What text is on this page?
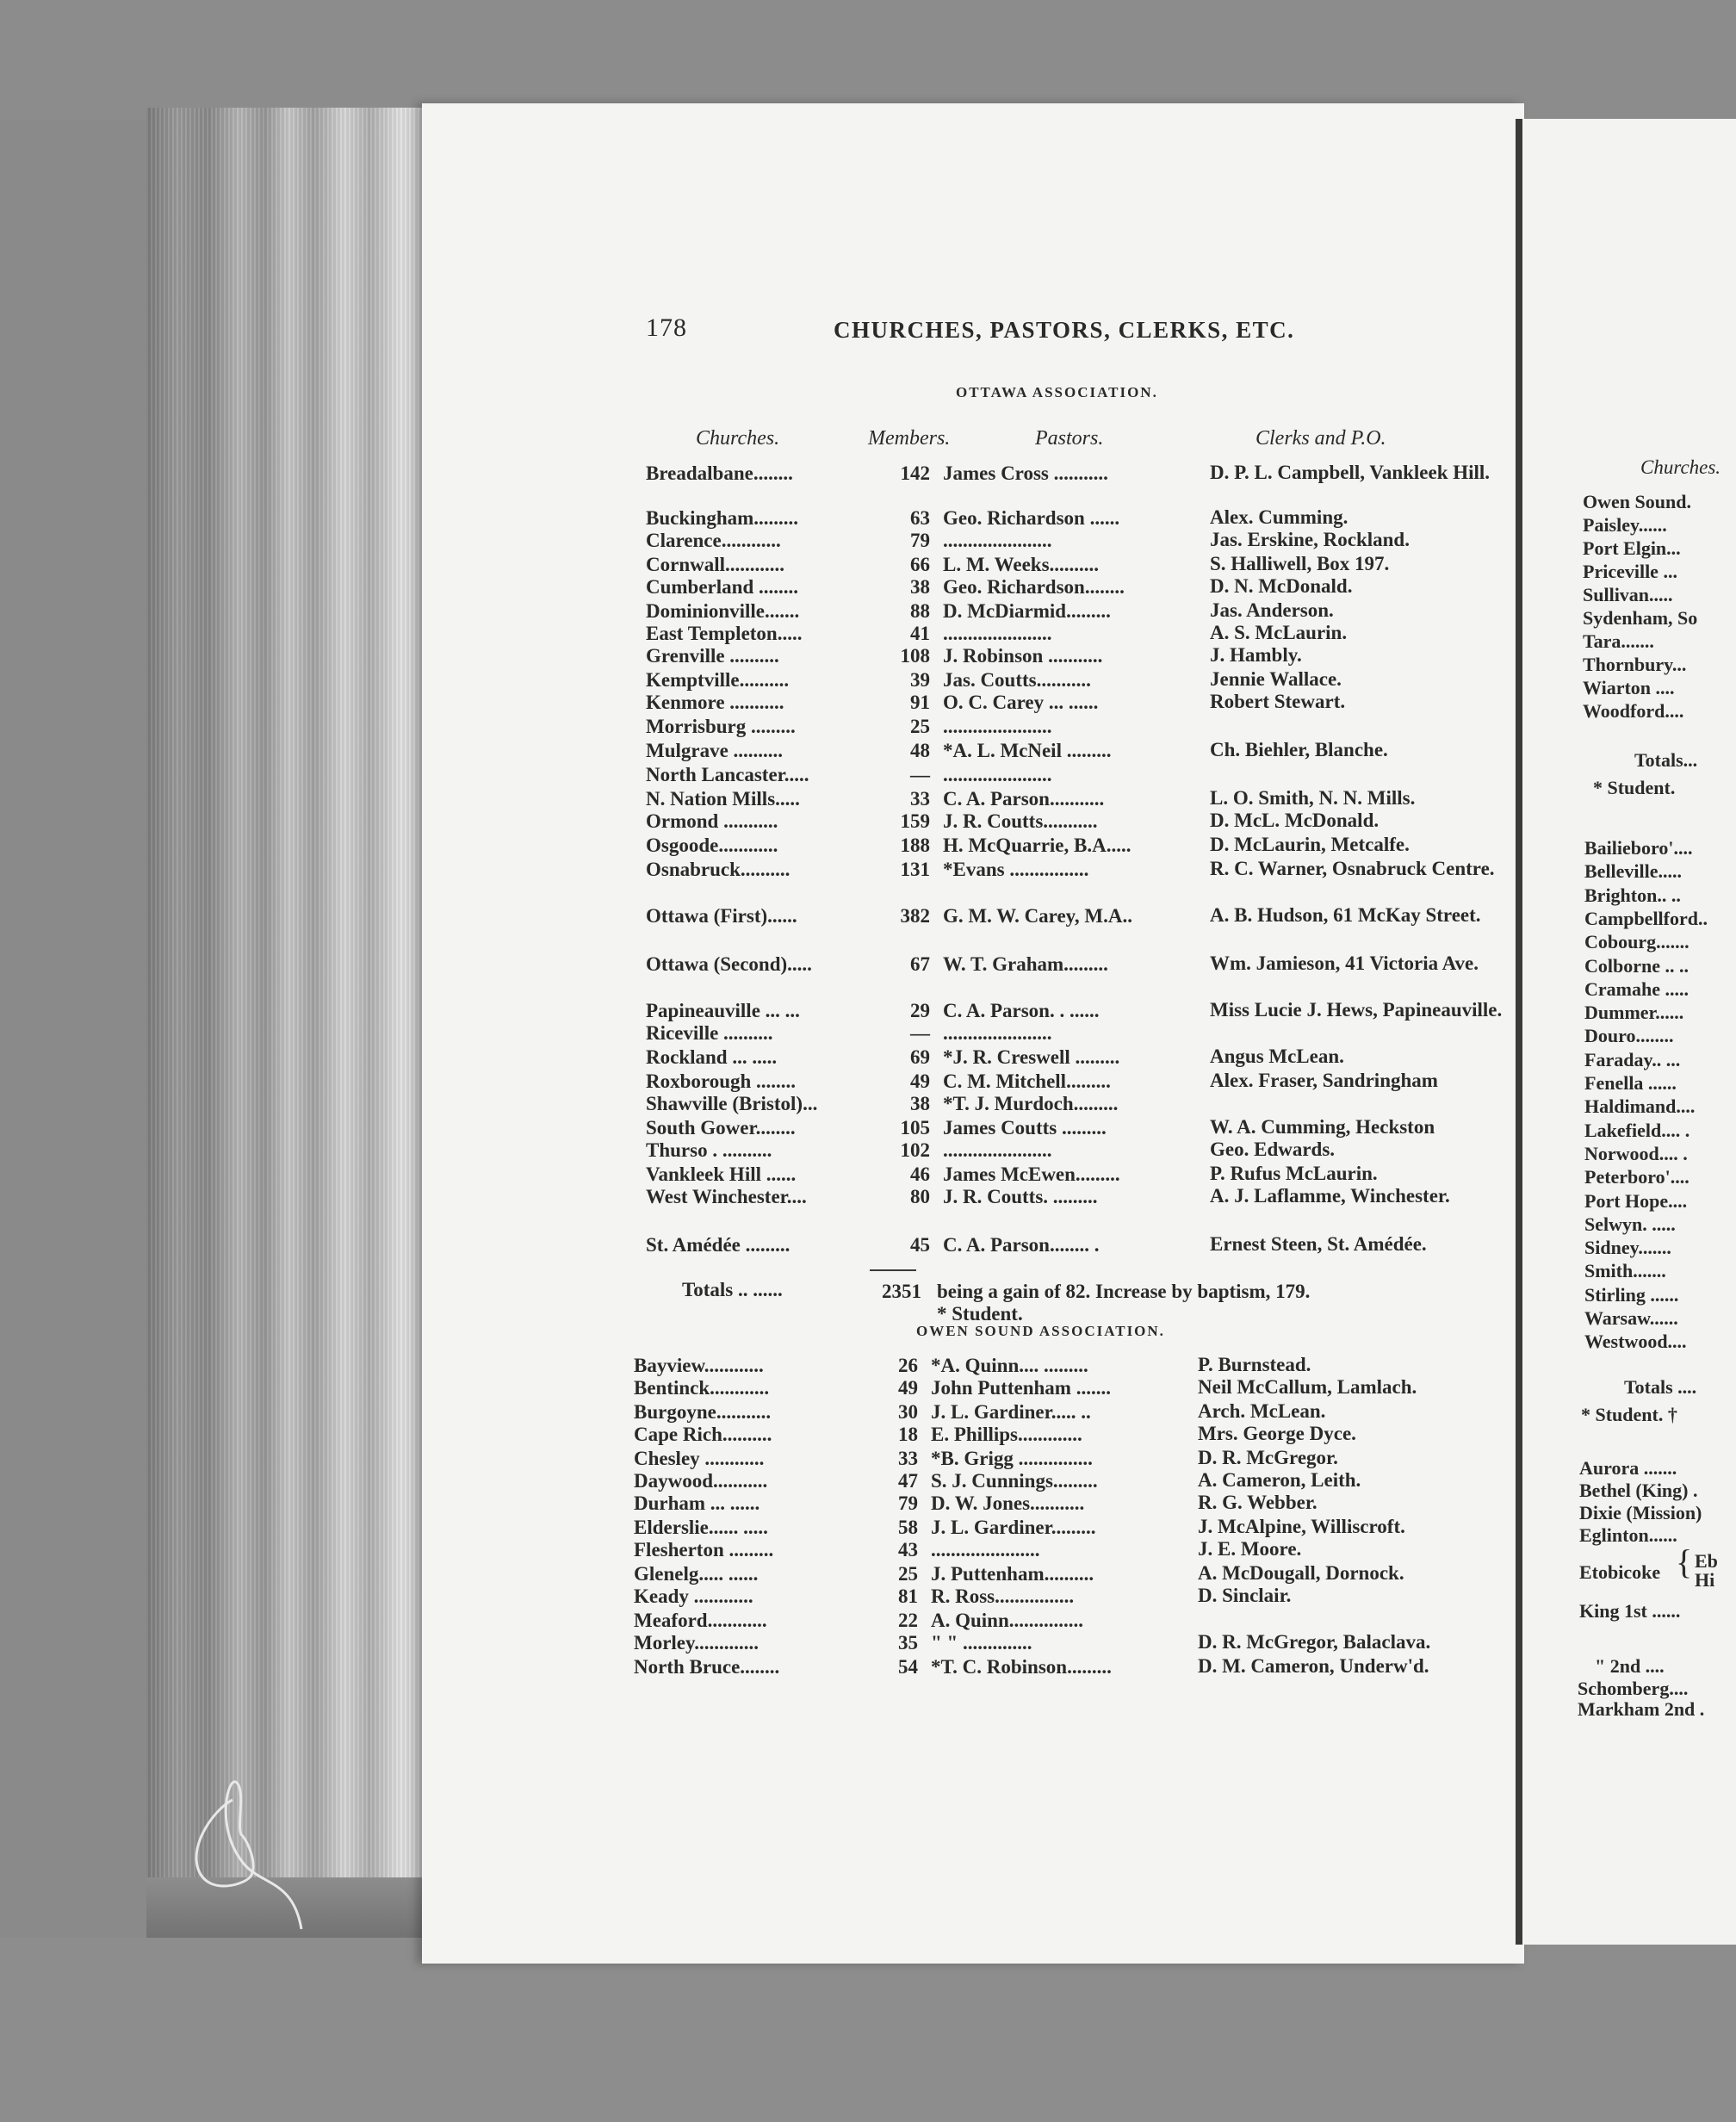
178	CHURCHES, PASTORS, CLERKS, ETC.
OTTAWA ASSOCIATION.
Churches.	Members.	Pastors.	Clerks and P.O.
Breadalbane........	142 James Cross ...........	D. P. L. Campbell, Vankleek Hill.
Buckingham.........	63 Geo. Richardson ......	Alex. Cumming.
Clarence............	79 ......................	Jas. Erskine, Rockland.
Cornwall............	66 L. M. Weeks..........	S. Halliwell, Box 197.
Cumberland ........	38 Geo. Richardson........	D. N. McDonald.
Dominionville.......	88 D. McDiarmid.........	Jas. Anderson.
East Templeton.....	41 ......................	A. S. McLaurin.
Grenville ..........	108 J. Robinson ...........	J. Hambly.
Kemptville..........	39 Jas. Coutts...........	Jennie Wallace.
Kenmore ...........	91 O. C. Carey ... ......	Robert Stewart.
Morrisburg .........	25 ......................
Mulgrave ..........	48 *A. L. McNeil .........	Ch. Biehler, Blanche.
North Lancaster.....	— ......................
N. Nation Mills.....	33 C. A. Parson...........	L. O. Smith, N. N. Mills.
Ormond ...........	159 J. R. Coutts...........	D. McL. McDonald.
Osgoode............	188 H. McQuarrie, B.A.....	D. McLaurin, Metcalfe.
Osnabruck..........	131 *Evans ................	R. C. Warner, Osnabruck Centre.
Ottawa (First)......	382 G. M. W. Carey, M.A..	A. B. Hudson, 61 McKay Street.
Ottawa (Second).....	67 W. T. Graham.........	Wm. Jamieson, 41 Victoria Ave.
Papineauville ... ...	29 C. A. Parson. . ......	Miss Lucie J. Hews, Papineauville.
Riceville ..........	— ......................
Rockland ... .....	69 *J. R. Creswell .........	Angus McLean.
Roxborough ........	49 C. M. Mitchell.........	Alex. Fraser, Sandringham
Shawville (Bristol)...	38 *T. J. Murdoch.........
South Gower........	105 James Coutts .........	W. A. Cumming, Heckston
Thurso . ..........	102 ......................	Geo. Edwards.
Vankleek Hill ......	46 James McEwen.........	P. Rufus McLaurin.
West Winchester....	80 J. R. Coutts. .........	A. J. Laflamme, Winchester.
St. Amédée .........	45 C. A. Parson........ .	Ernest Steen, St. Amédée.
Totals .. ......	2351 being a gain of 82. Increase by baptism, 179.
* Student.
OWEN SOUND ASSOCIATION.
Bayview............	26 *A. Quinn.... .........	P. Burnstead.
Bentinck............	49 John Puttenham .......	Neil McCallum, Lamlach.
Burgoyne...........	30 J. L. Gardiner..... ..	Arch. McLean.
Cape Rich..........	18 E. Phillips.............	Mrs. George Dyce.
Chesley ............	33 *B. Grigg ...............	D. R. McGregor.
Daywood...........	47 S. J. Cunnings.........	A. Cameron, Leith.
Durham ... ......	79 D. W. Jones...........	R. G. Webber.
Elderslie...... .....	58 J. L. Gardiner.........	J. McAlpine, Williscroft.
Flesherton .........	43 ......................	J. E. Moore.
Glenelg..... ......	25 J. Puttenham..........	A. McDougall, Dornock.
Keady ............	81 R. Ross................	D. Sinclair.
Meaford............	22 A. Quinn...............
Morley.............	35 " " ..............	D. R. McGregor, Balaclava.
North Bruce........	54 *T. C. Robinson.........	D. M. Cameron, Underw'd.
Churches.
Owen Sound.
Paisley......
Port Elgin...
Priceville ...
Sullivan.....
Sydenham, So
Tara.......
Thornbury...
Wiarton ....
Woodford....
Totals...
* Student.
Bailieboro'....
Belleville.....
Brighton.. ..
Campbellford..
Cobourg.......
Colborne .. ..
Cramahe .....
Dummer......
Douro........
Faraday.. ...
Fenella ......
Haldimand....
Lakefield.... .
Norwood.... .
Peterboro'....
Port Hope....
Selwyn. .....
Sidney.......
Smith.......
Stirling ......
Warsaw......
Westwood....
Totals ....
* Student. †
Aurora .......
Bethel (King) .
Dixie (Mission)
Eglinton......
Etobicoke { Eb
Hi
King 1st ......
" 2nd ....
Schomberg....
Markham 2nd .
